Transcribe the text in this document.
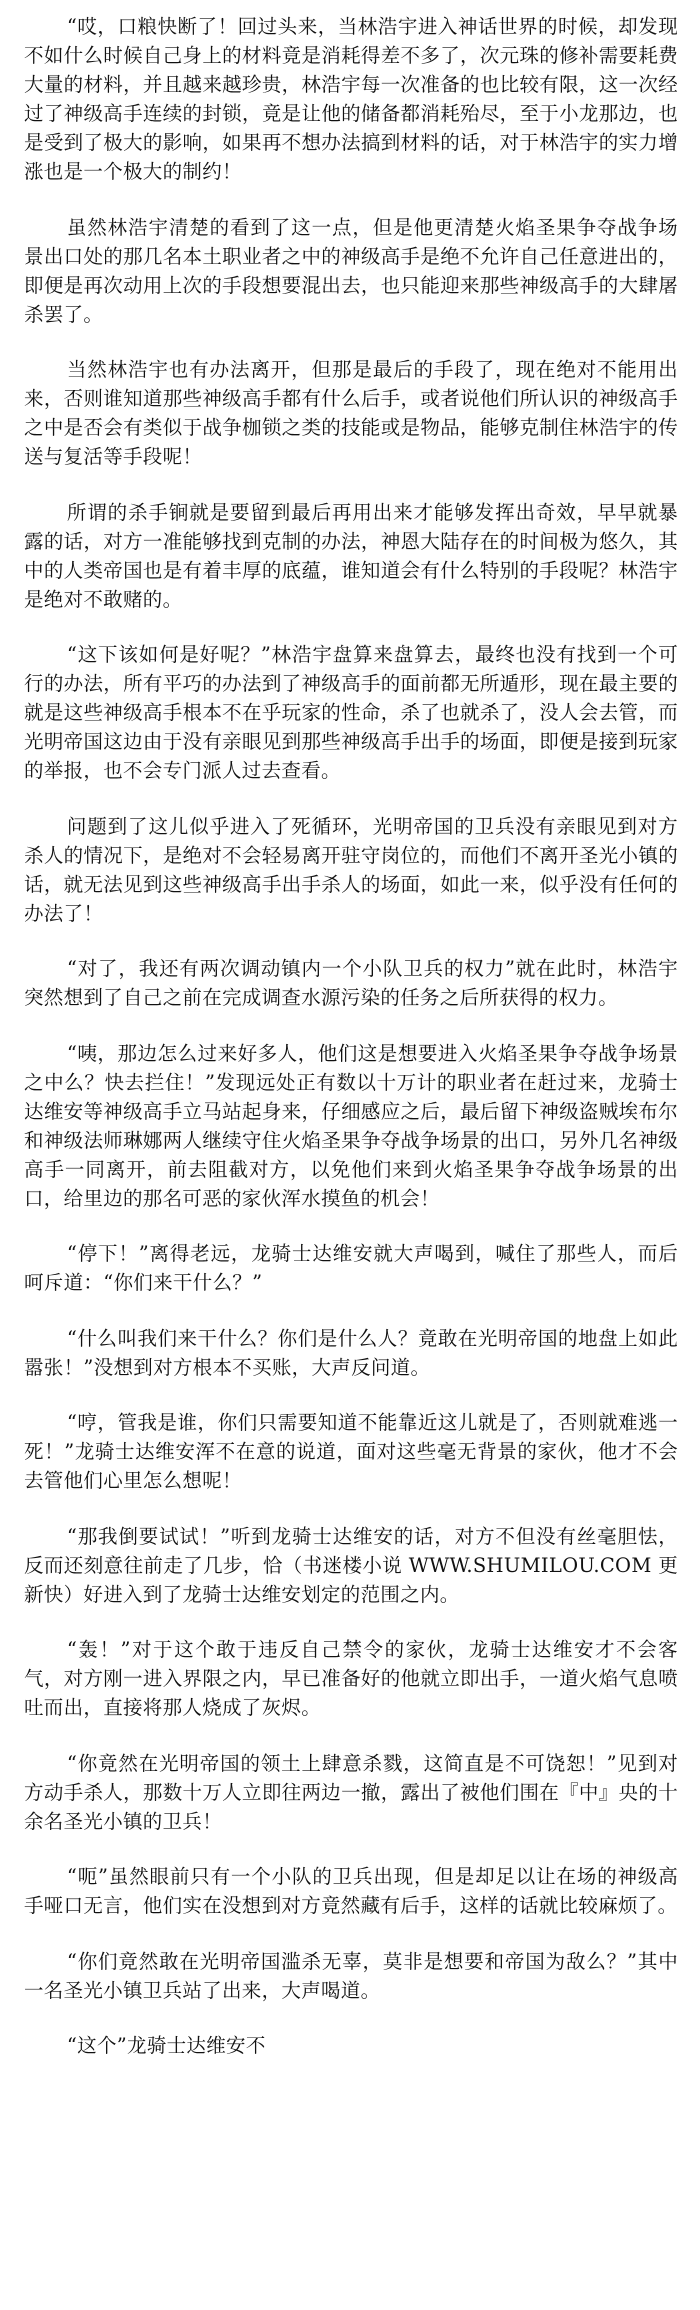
“哎，口粮快断了！回过头来，当林浩宇进入神话世界的时候，却发现不如什么时候自己身上的材料竟是消耗得差不多了，次元珠的修补需要耗费大量的材料，并且越来越珍贵，林浩宇每一次准备的也比较有限，这一次经过了神级高手连续的封锁，竟是让他的储备都消耗殆尽，至于小龙那边，也是受到了极大的影响，如果再不想办法搞到材料的话，对于林浩宇的实力增涨也是一个极大的制约！

虽然林浩宇清楚的看到了这一点，但是他更清楚火焰圣果争夺战争场景出口处的那几名本土职业者之中的神级高手是绝不允许自己任意进出的，即便是再次动用上次的手段想要混出去，也只能迎来那些神级高手的大肆屠杀罢了。

当然林浩宇也有办法离开，但那是最后的手段了，现在绝对不能用出来，否则谁知道那些神级高手都有什么后手，或者说他们所认识的神级高手之中是否会有类似于战争枷锁之类的技能或是物品，能够克制住林浩宇的传送与复活等手段呢！

所谓的杀手锏就是要留到最后再用出来才能够发挥出奇效，早早就暴露的话，对方一准能够找到克制的办法，神恩大陆存在的时间极为悠久，其中的人类帝国也是有着丰厚的底蕴，谁知道会有什么特别的手段呢？林浩宇是绝对不敢赌的。

“这下该如何是好呢？”林浩宇盘算来盘算去，最终也没有找到一个可行的办法，所有平巧的办法到了神级高手的面前都无所遁形，现在最主要的就是这些神级高手根本不在乎玩家的性命，杀了也就杀了，没人会去管，而光明帝国这边由于没有亲眼见到那些神级高手出手的场面，即便是接到玩家的举报，也不会专门派人过去查看。

问题到了这儿似乎进入了死循环，光明帝国的卫兵没有亲眼见到对方杀人的情况下，是绝对不会轻易离开驻守岗位的，而他们不离开圣光小镇的话，就无法见到这些神级高手出手杀人的场面，如此一来，似乎没有任何的办法了！

“对了，我还有两次调动镇内一个小队卫兵的权力”就在此时，林浩宇突然想到了自己之前在完成调查水源污染的任务之后所获得的权力。

“咦，那边怎么过来好多人，他们这是想要进入火焰圣果争夺战争场景之中么？快去拦住！”发现远处正有数以十万计的职业者在赶过来，龙骑士达维安等神级高手立马站起身来，仔细感应之后，最后留下神级盗贼埃布尔和神级法师琳娜两人继续守住火焰圣果争夺战争场景的出口，另外几名神级高手一同离开，前去阻截对方，以免他们来到火焰圣果争夺战争场景的出口，给里边的那名可恶的家伙浑水摸鱼的机会！

“停下！”离得老远，龙骑士达维安就大声喝到，喊住了那些人，而后呵斥道：“你们来干什么？”

“什么叫我们来干什么？你们是什么人？竟敢在光明帝国的地盘上如此嚣张！”没想到对方根本不买账，大声反问道。

“哼，管我是谁，你们只需要知道不能靠近这儿就是了，否则就难逃一死！”龙骑士达维安浑不在意的说道，面对这些毫无背景的家伙，他才不会去管他们心里怎么想呢！

“那我倒要试试！”听到龙骑士达维安的话，对方不但没有丝毫胆怯，反而还刻意往前走了几步，恰（书迷楼小说 WWW.SHUMILOU.COM 更新快）好进入到了龙骑士达维安划定的范围之内。

“轰！”对于这个敢于违反自己禁令的家伙，龙骑士达维安才不会客气，对方刚一进入界限之内，早已准备好的他就立即出手，一道火焰气息喷吐而出，直接将那人烧成了灰烬。

“你竟然在光明帝国的领土上肆意杀戮，这简直是不可饶恕！”见到对方动手杀人，那数十万人立即往两边一撤，露出了被他们围在『中』央的十余名圣光小镇的卫兵！

“呃”虽然眼前只有一个小队的卫兵出现，但是却足以让在场的神级高手哑口无言，他们实在没想到对方竟然藏有后手，这样的话就比较麻烦了。

“你们竟然敢在光明帝国滥杀无辜，莫非是想要和帝国为敌么？”其中一名圣光小镇卫兵站了出来，大声喝道。

“这个”龙骑士达维安不
